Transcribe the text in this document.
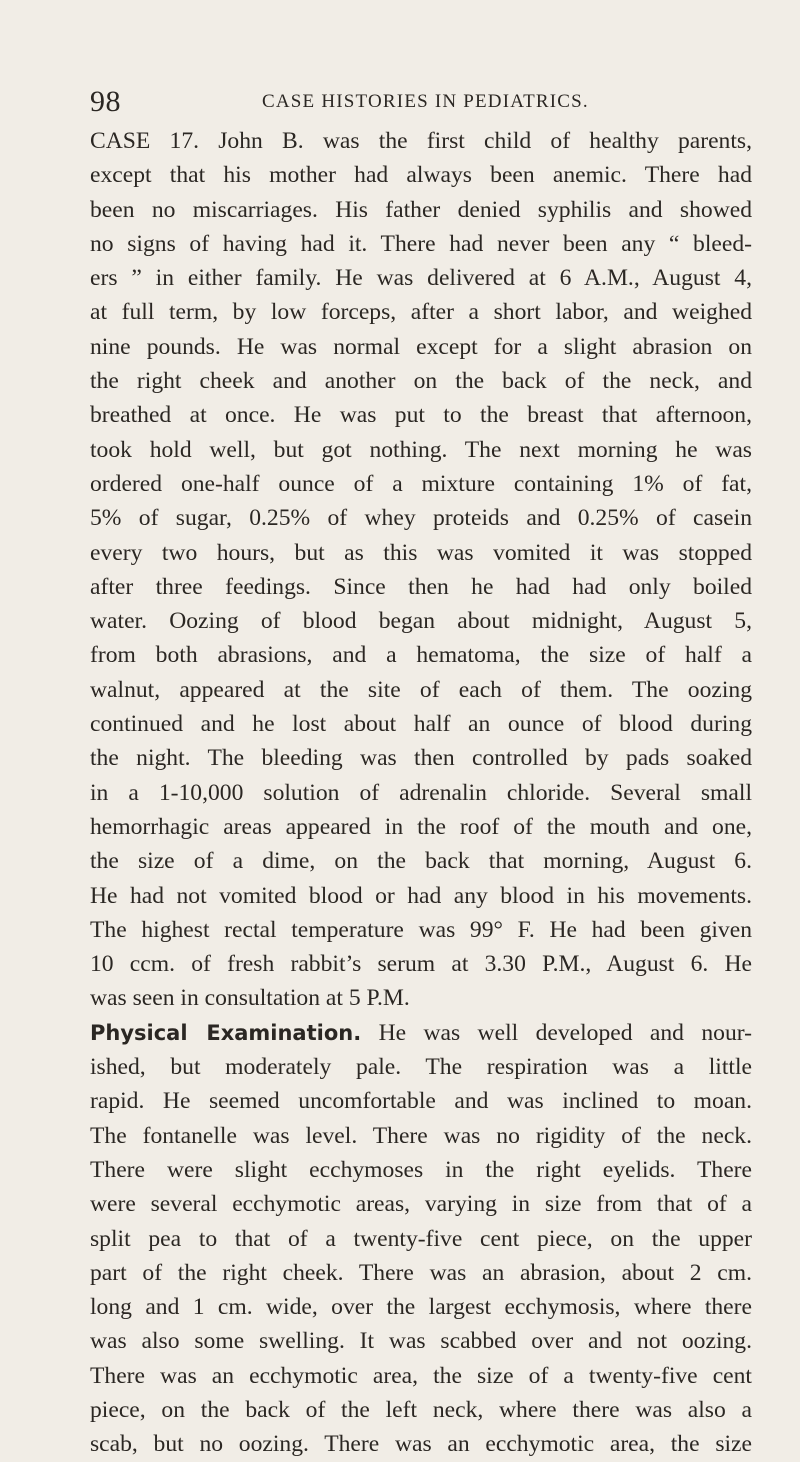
98	CASE HISTORIES IN PEDIATRICS.
CASE 17. John B. was the first child of healthy parents,
except that his mother had always been anemic. There had
been no miscarriages. His father denied syphilis and showed
no signs of having had it. There had never been any “ bleed-
ers ” in either family. He was delivered at 6 A.M., August 4,
at full term, by low forceps, after a short labor, and weighed
nine pounds. He was normal except for a slight abrasion on
the right cheek and another on the back of the neck, and
breathed at once. He was put to the breast that afternoon,
took hold well, but got nothing. The next morning he was
ordered one-half ounce of a mixture containing 1% of fat,
5% of sugar, 0.25% of whey proteids and 0.25% of casein
every two hours, but as this was vomited it was stopped
after three feedings. Since then he had had only boiled
water. Oozing of blood began about midnight, August 5,
from both abrasions, and a hematoma, the size of half a
walnut, appeared at the site of each of them. The oozing
continued and he lost about half an ounce of blood during
the night. The bleeding was then controlled by pads soaked
in a 1-10,000 solution of adrenalin chloride. Several small
hemorrhagic areas appeared in the roof of the mouth and one,
the size of a dime, on the back that morning, August 6.
He had not vomited blood or had any blood in his movements.
The highest rectal temperature was 99° F. He had been given
10 ccm. of fresh rabbit’s serum at 3.30 P.M., August 6. He
was seen in consultation at 5 P.M.
Physical Examination. He was well developed and nour-
ished, but moderately pale. The respiration was a little
rapid. He seemed uncomfortable and was inclined to moan.
The fontanelle was level. There was no rigidity of the neck.
There were slight ecchymoses in the right eyelids. There
were several ecchymotic areas, varying in size from that of a
split pea to that of a twenty-five cent piece, on the upper
part of the right cheek. There was an abrasion, about 2 cm.
long and 1 cm. wide, over the largest ecchymosis, where there
was also some swelling. It was scabbed over and not oozing.
There was an ecchymotic area, the size of a twenty-five cent
piece, on the back of the left neck, where there was also a
scab, but no oozing. There was an ecchymotic area, the size
